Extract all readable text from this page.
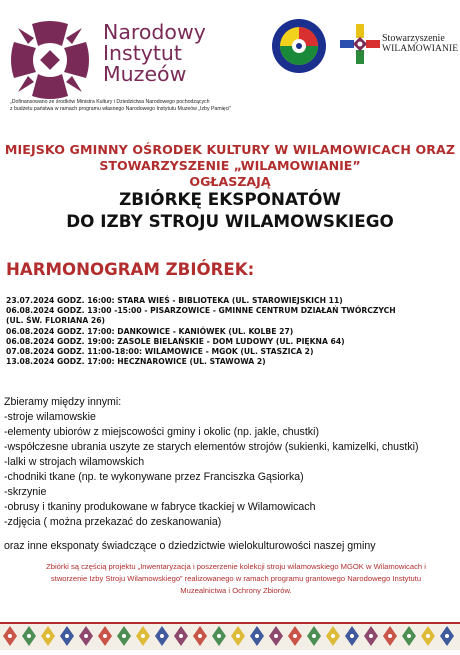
Narodowy
Instytut
Muzeów
„Dofinansowano ze środków Ministra Kultury i Dziedzictwa Narodowego pochodzących
z budżetu państwa w ramach programu własnego Narodowego Instytutu Muzeów „Izby Pamięci”
Stowarzyszenie
WILAMOWIANIE
MIEJSKO GMINNY OŚRODEK KULTURY W WILAMOWICACH ORAZ
STOWARZYSZENIE „WILAMOWIANIE”
OGŁASZAJĄ
ZBIÓRKĘ EKSPONATÓW
DO IZBY STROJU WILAMOWSKIEGO
HARMONOGRAM ZBIÓREK:
23.07.2024 GODZ. 16:00: STARA WIEŚ - BIBLIOTEKA (UL. STAROWIEJSKICH 11)
06.08.2024 GODZ. 13:00 -15:00 - PISARZOWICE - GMINNE CENTRUM DZIAŁAŃ TWÓRCZYCH
(UL. ŚW. FLORIANA 26)
06.08.2024 GODZ. 17:00: DANKOWICE - KANIÓWEK (UL. KOLBE 27)
06.08.2024 GODZ. 19:00: ZASOLE BIELAŃSKIE - DOM LUDOWY (UL. PIĘKNA 64)
07.08.2024 GODZ. 11:00-18:00: WILAMOWICE - MGOK (UL. STASZICA 2)
13.08.2024 GODZ. 17:00: HECZNAROWICE (UL. STAWOWA 2)
Zbieramy między innymi:
-stroje wilamowskie
-elementy ubiorów z miejscowości gminy i okolic (np. jakle, chustki)
-współczesne ubrania uszyte ze starych elementów strojów (sukienki, kamizelki, chustki)
-lalki w strojach wilamowskich
-chodniki tkane (np. te wykonywane przez Franciszka Gąsiorka)
-skrzynie
-obrusy i tkaniny produkowane w fabryce tkackiej w Wilamowicach
-zdjęcia ( można przekazać do zeskanowania)
oraz inne eksponaty świadczące o dziedzictwie wielokulturowości naszej gminy
Zbiórki są częścią projektu „Inwentaryzacja i poszerzenie kolekcji stroju wilamowskiego MGOK w Wilamowicach i
stworzenie Izby Stroju Wilamowskiego” realizowanego w ramach programu grantowego Narodowego Instytutu
Muzealnictwa i Ochrony Zbiorów.
